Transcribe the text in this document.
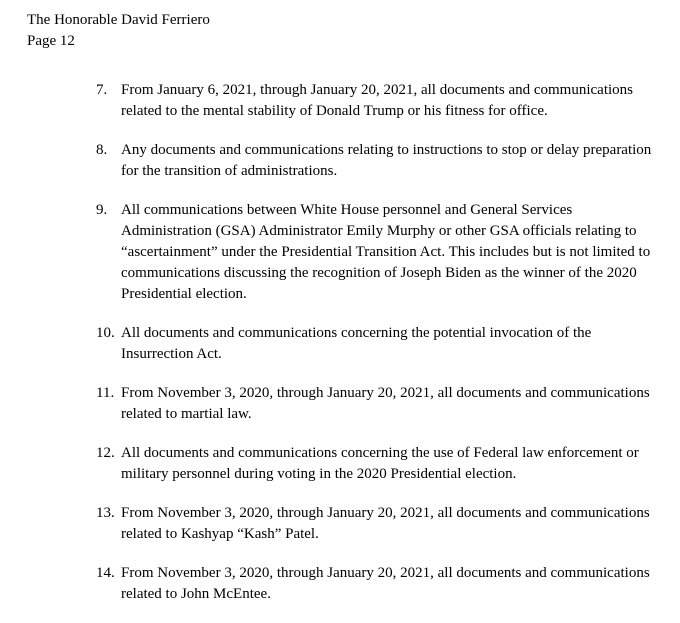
The Honorable David Ferriero
Page 12
7. From January 6, 2021, through January 20, 2021, all documents and communications related to the mental stability of Donald Trump or his fitness for office.
8. Any documents and communications relating to instructions to stop or delay preparation for the transition of administrations.
9. All communications between White House personnel and General Services Administration (GSA) Administrator Emily Murphy or other GSA officials relating to “ascertainment” under the Presidential Transition Act. This includes but is not limited to communications discussing the recognition of Joseph Biden as the winner of the 2020 Presidential election.
10. All documents and communications concerning the potential invocation of the Insurrection Act.
11. From November 3, 2020, through January 20, 2021, all documents and communications related to martial law.
12. All documents and communications concerning the use of Federal law enforcement or military personnel during voting in the 2020 Presidential election.
13. From November 3, 2020, through January 20, 2021, all documents and communications related to Kashyap “Kash” Patel.
14. From November 3, 2020, through January 20, 2021, all documents and communications related to John McEntee.
